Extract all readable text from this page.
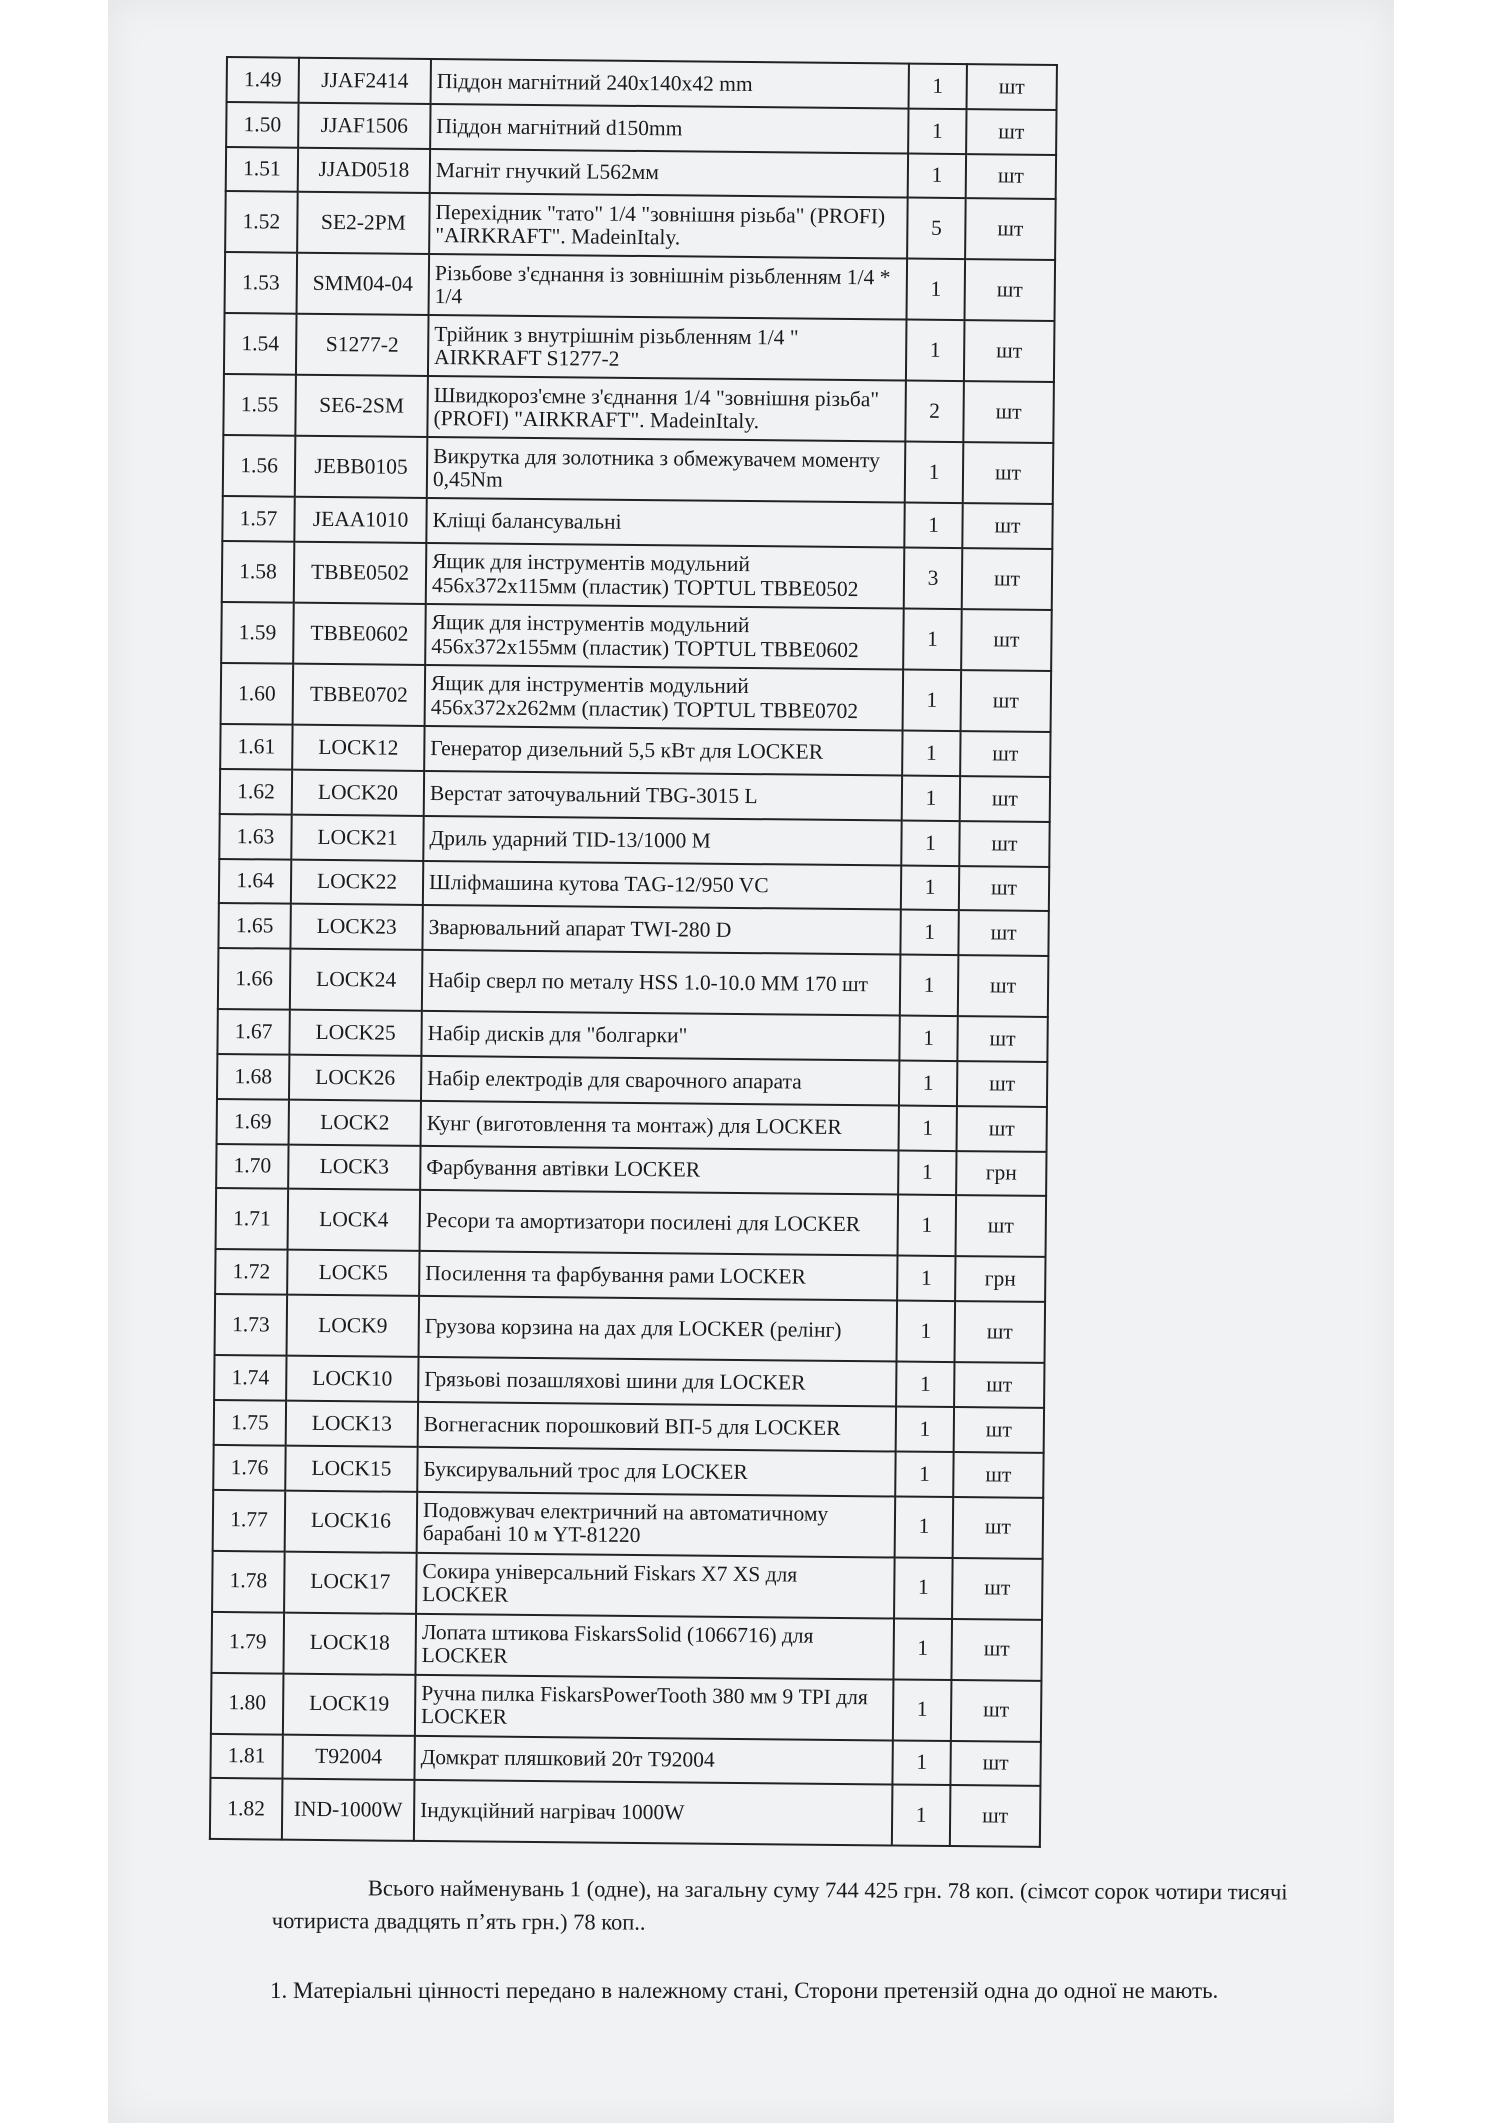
1.49	JJAF2414	Піддон магнітний 240х140х42 mm	1	шт
1.50	JJAF1506	Піддон магнітний d150mm	1	шт
1.51	JJAD0518	Магніт гнучкий L562мм	1	шт
1.52	SE2-2PM	Перехідник "тато" 1/4 "зовнішня різьба" (PROFI) "AIRKRAFT". MadeinItaly.	5	шт
1.53	SMM04-04	Різьбове з'єднання із зовнішнім різьбленням 1/4 * 1/4	1	шт
1.54	S1277-2	Трійник з внутрішнім різьбленням 1/4 " AIRKRAFT S1277-2	1	шт
1.55	SE6-2SM	Швидкороз'ємне з'єднання 1/4 "зовнішня різьба" (PROFI) "AIRKRAFT". MadeinItaly.	2	шт
1.56	JEBB0105	Викрутка для золотника з обмежувачем моменту 0,45Nm	1	шт
1.57	JEAA1010	Кліщі балансувальні	1	шт
1.58	TBBE0502	Ящик для інструментів модульний 456х372х115мм (пластик) TOPTUL TBBE0502	3	шт
1.59	TBBE0602	Ящик для інструментів модульний 456х372х155мм (пластик) TOPTUL TBBE0602	1	шт
1.60	TBBE0702	Ящик для інструментів модульний 456х372х262мм (пластик) TOPTUL TBBE0702	1	шт
1.61	LOCK12	Генератор дизельний 5,5 кВт для LOCKER	1	шт
1.62	LOCK20	Верстат заточувальний TBG-3015 L	1	шт
1.63	LOCK21	Дриль ударний TID-13/1000 M	1	шт
1.64	LOCK22	Шліфмашина кутова TAG-12/950 VC	1	шт
1.65	LOCK23	Зварювальний апарат TWI-280 D	1	шт
1.66	LOCK24	Набір сверл по металу HSS 1.0-10.0 MM 170 шт	1	шт
1.67	LOCK25	Набір дисків для "болгарки"	1	шт
1.68	LOCK26	Набір електродів для сварочного апарата	1	шт
1.69	LOCK2	Кунг (виготовлення та монтаж) для LOCKER	1	шт
1.70	LOCK3	Фарбування автівки LOCKER	1	грн
1.71	LOCK4	Ресори та амортизатори посилені для LOCKER	1	шт
1.72	LOCK5	Посилення та фарбування рами LOCKER	1	грн
1.73	LOCK9	Грузова корзина на дах для LOCKER (релінг)	1	шт
1.74	LOCK10	Грязьові позашляхові шини для LOCKER	1	шт
1.75	LOCK13	Вогнегасник порошковий ВП-5 для LOCKER	1	шт
1.76	LOCK15	Буксирувальний трос для LOCKER	1	шт
1.77	LOCK16	Подовжувач електричний на автоматичному барабані 10 м YT-81220	1	шт
1.78	LOCK17	Сокира універсальний Fiskars X7 XS для LOCKER	1	шт
1.79	LOCK18	Лопата штикова FiskarsSolid (1066716) для LOCKER	1	шт
1.80	LOCK19	Ручна пилка FiskarsPowerTooth 380 мм 9 TPI для LOCKER	1	шт
1.81	T92004	Домкрат пляшковий 20т T92004	1	шт
1.82	IND-1000W	Індукційний нагрівач 1000W	1	шт

Всього найменувань 1 (одне), на загальну суму 744 425 грн. 78 коп. (сімсот сорок чотири тисячі

чотириста двадцять п’ять грн.) 78 коп..

1. Матеріальні цінності передано в належному стані, Сторони претензій одна до одної не мають.
